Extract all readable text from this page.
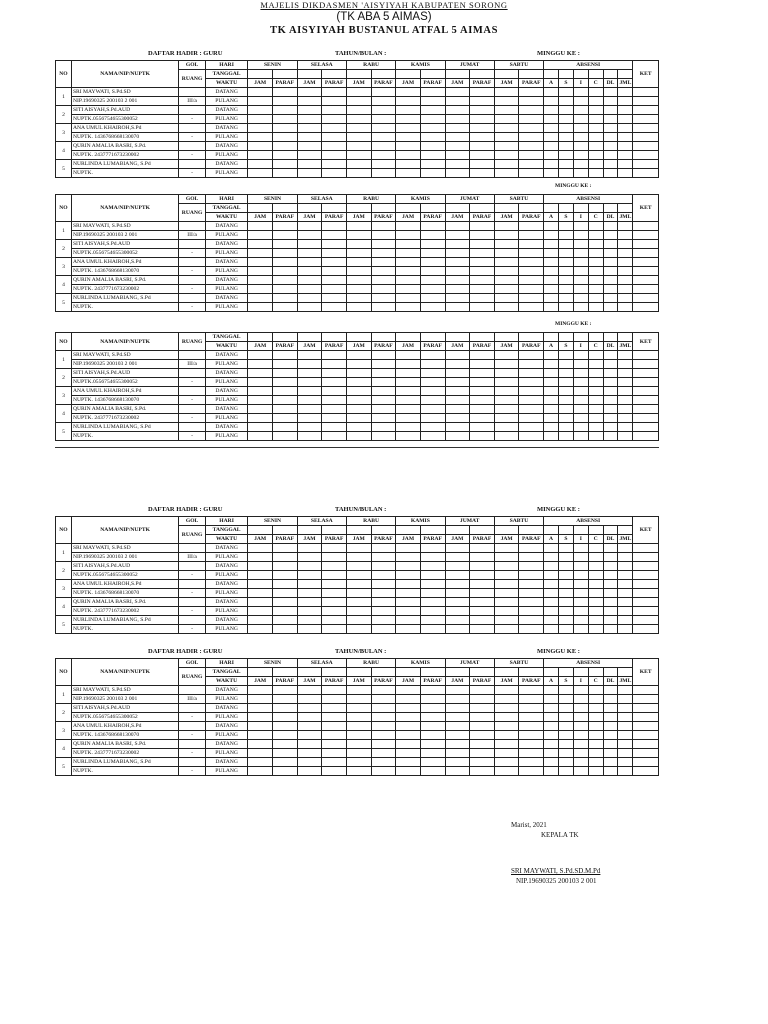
MAJELIS DIKDASMEN 'AISYIYAH KABUPATEN SORONG
(TK ABA 5 AIMAS)
TK AISYIYAH BUSTANUL ATFAL 5 AIMAS
DAFTAR HADIR : GURU	TAHUN/BULAN :	MINGGU KE :
NO	NAMA/NIP/NUPTK	GOL	HARI	SENIN		SELASA		RABU		KAMIS		JUMAT		SABTU		ABSENSI						KET
		RUANG	TANGGAL																			
			WAKTU	JAM	PARAF	JAM	PARAF	JAM	PARAF	JAM	PARAF	JAM	PARAF	JAM	PARAF	A	S	I	C	DL	JML	
1	SRI MAYWATI, S.Pd.SD		DATANG																			
	NIP.19690325 200103 2 001	III/a	PULANG																			
2	SITI AISYAH,S.Pd.AUD		DATANG																			
	NUPTK.0556754655300052	-	PULANG																			
3	ANA UMUL KHAIROH,S.Pd		DATANG																			
	NUPTK. 1436768668130070	-	PULANG																			
4	QURIN AMALIA BASRI, S.Pd.		DATANG																			
	NUPTK. 2437771673230002	-	PULANG																			
5	NURLINDA LUMABIANG, S.Pd		DATANG																			
	NUPTK.	-	PULANG																			
MINGGU KE :
NO	NAMA/NIP/NUPTK	GOL	HARI	SENIN		SELASA		RABU		KAMIS		JUMAT		SABTU		ABSENSI						KET
		RUANG	TANGGAL																			
			WAKTU	JAM	PARAF	JAM	PARAF	JAM	PARAF	JAM	PARAF	JAM	PARAF	JAM	PARAF	A	S	I	C	DL	JML	
1	SRI MAYWATI, S.Pd.SD		DATANG																			
	NIP.19690325 200103 2 001	III/a	PULANG																			
2	SITI AISYAH,S.Pd.AUD		DATANG																			
	NUPTK.0556754655300052	-	PULANG																			
3	ANA UMUL KHAIROH,S.Pd		DATANG																			
	NUPTK. 1436768668130070	-	PULANG																			
4	QURIN AMALIA BASRI, S.Pd.		DATANG																			
	NUPTK. 2437771673230002	-	PULANG																			
5	NURLINDA LUMABIANG, S.Pd		DATANG																			
	NUPTK.	-	PULANG																			
MINGGU KE :
NO	NAMA/NIP/NUPTK	RUANG	TANGGAL																			KET
			WAKTU	JAM	PARAF	JAM	PARAF	JAM	PARAF	JAM	PARAF	JAM	PARAF	JAM	PARAF	A	S	I	C	DL	JML	
1	SRI MAYWATI, S.Pd.SD		DATANG																			
	NIP.19690325 200103 2 001	III/a	PULANG																			
2	SITI AISYAH,S.Pd.AUD		DATANG																			
	NUPTK.0556754655300052	-	PULANG																			
3	ANA UMUL KHAIROH,S.Pd		DATANG																			
	NUPTK. 1436768668130070	-	PULANG																			
4	QURIN AMALIA BASRI, S.Pd.		DATANG																			
	NUPTK. 2437771673230002	-	PULANG																			
5	NURLINDA LUMABIANG, S.Pd		DATANG																			
	NUPTK.	-	PULANG																			
DAFTAR HADIR : GURU	TAHUN/BULAN :	MINGGU KE :
NO	NAMA/NIP/NUPTK	GOL	HARI	SENIN		SELASA		RABU		KAMIS		JUMAT		SABTU		ABSENSI						KET
		RUANG	TANGGAL																			
			WAKTU	JAM	PARAF	JAM	PARAF	JAM	PARAF	JAM	PARAF	JAM	PARAF	JAM	PARAF	A	S	I	C	DL	JML	
1	SRI MAYWATI, S.Pd.SD		DATANG																			
	NIP.19690325 200103 2 001	III/a	PULANG																			
2	SITI AISYAH,S.Pd.AUD		DATANG																			
	NUPTK.0556754655300052	-	PULANG																			
3	ANA UMUL KHAIROH,S.Pd		DATANG																			
	NUPTK. 1436768668130070	-	PULANG																			
4	QURIN AMALIA BASRI, S.Pd.		DATANG																			
	NUPTK. 2437771673230002	-	PULANG																			
5	NURLINDA LUMABIANG, S.Pd		DATANG																			
	NUPTK.	-	PULANG																			
DAFTAR HADIR : GURU	TAHUN/BULAN :	MINGGU KE :
NO	NAMA/NIP/NUPTK	GOL	HARI	SENIN		SELASA		RABU		KAMIS		JUMAT		SABTU		ABSENSI						KET
		RUANG	TANGGAL																			
			WAKTU	JAM	PARAF	JAM	PARAF	JAM	PARAF	JAM	PARAF	JAM	PARAF	JAM	PARAF	A	S	I	C	DL	JML	
1	SRI MAYWATI, S.Pd.SD		DATANG																			
	NIP.19690325 200103 2 001	III/a	PULANG																			
2	SITI AISYAH,S.Pd.AUD		DATANG																			
	NUPTK.0556754655300052	-	PULANG																			
3	ANA UMUL KHAIROH,S.Pd		DATANG																			
	NUPTK. 1436768668130070	-	PULANG																			
4	QURIN AMALIA BASRI, S.Pd.		DATANG																			
	NUPTK. 2437771673230002	-	PULANG																			
5	NURLINDA LUMABIANG, S.Pd		DATANG																			
	NUPTK.	-	PULANG																			
Marist, 2021
KEPALA TK
SRI MAYWATI, S.Pd.SD.M.Pd
NIP.19690325 200103 2 001
